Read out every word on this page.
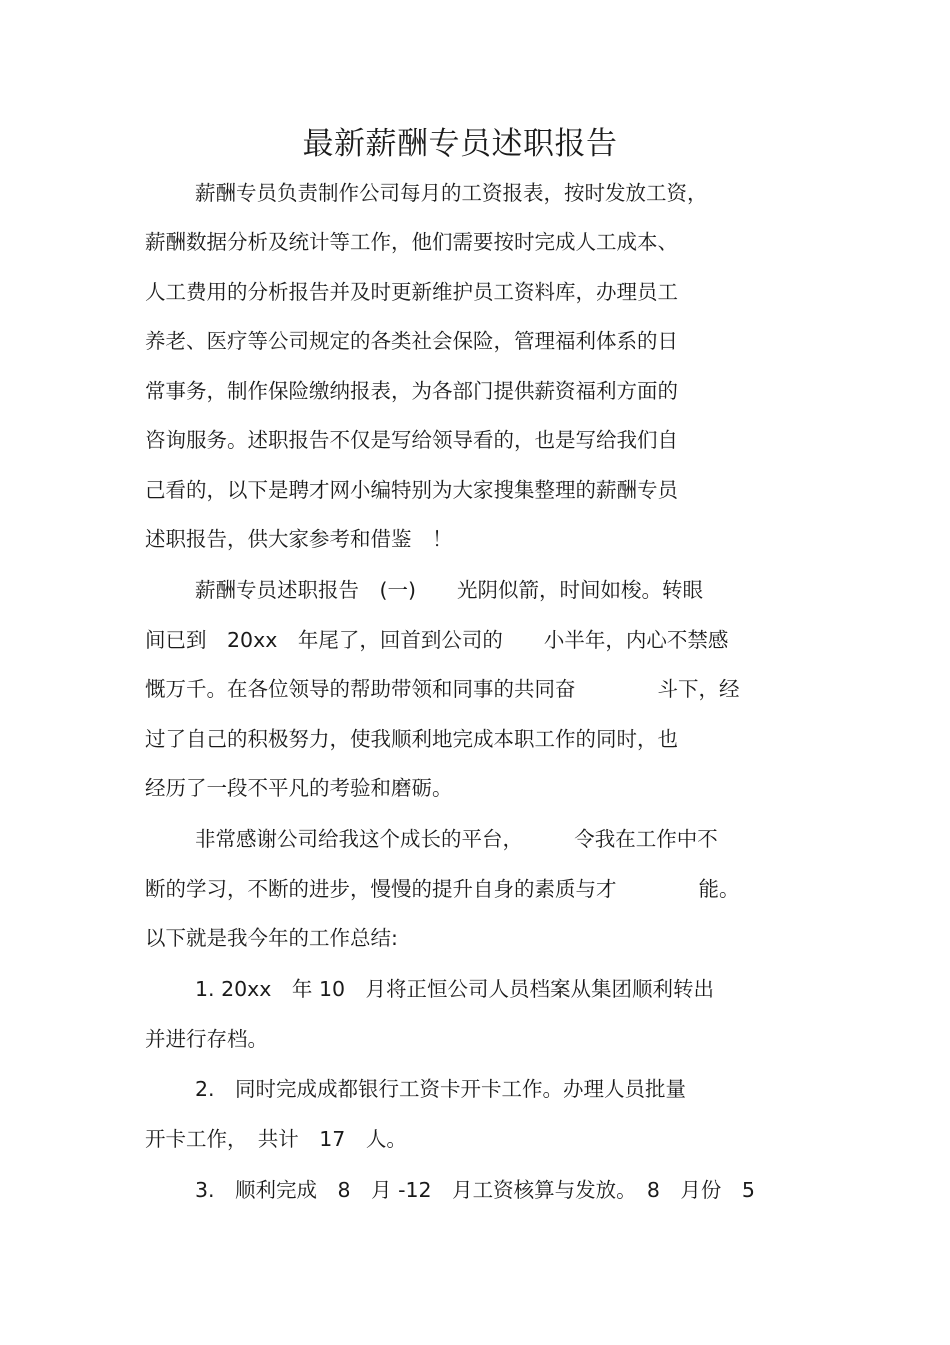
最新薪酬专员述职报告
薪酬专员负责制作公司每月的工资报表，按时发放工资，
薪酬数据分析及统计等工作，他们需要按时完成人工成本、
人工费用的分析报告并及时更新维护员工资料库，办理员工
养老、医疗等公司规定的各类社会保险，管理福利体系的日
常事务，制作保险缴纳报表，为各部门提供薪资福利方面的
咨询服务。述职报告不仅是写给领导看的，也是写给我们自
己看的，以下是聘才网小编特别为大家搜集整理的薪酬专员
述职报告，供大家参考和借鉴　！
薪酬专员述职报告　(一)　　光阴似箭，时间如梭。转眼
间已到　20xx　年尾了，回首到公司的　　小半年，内心不禁感
慨万千。在各位领导的帮助带领和同事的共同奋　　　　斗下，经
过了自己的积极努力，使我顺利地完成本职工作的同时，也
经历了一段不平凡的考验和磨砺。
非常感谢公司给我这个成长的平台，　　　令我在工作中不
断的学习，不断的进步，慢慢的提升自身的素质与才　　　　能。
以下就是我今年的工作总结:
1. 20xx　年 10　月将正恒公司人员档案从集团顺利转出
并进行存档。
2.　同时完成成都银行工资卡开卡工作。办理人员批量
开卡工作，　共计　17　人。
3.　顺利完成　8　月 -12　月工资核算与发放。　8　月份　5
